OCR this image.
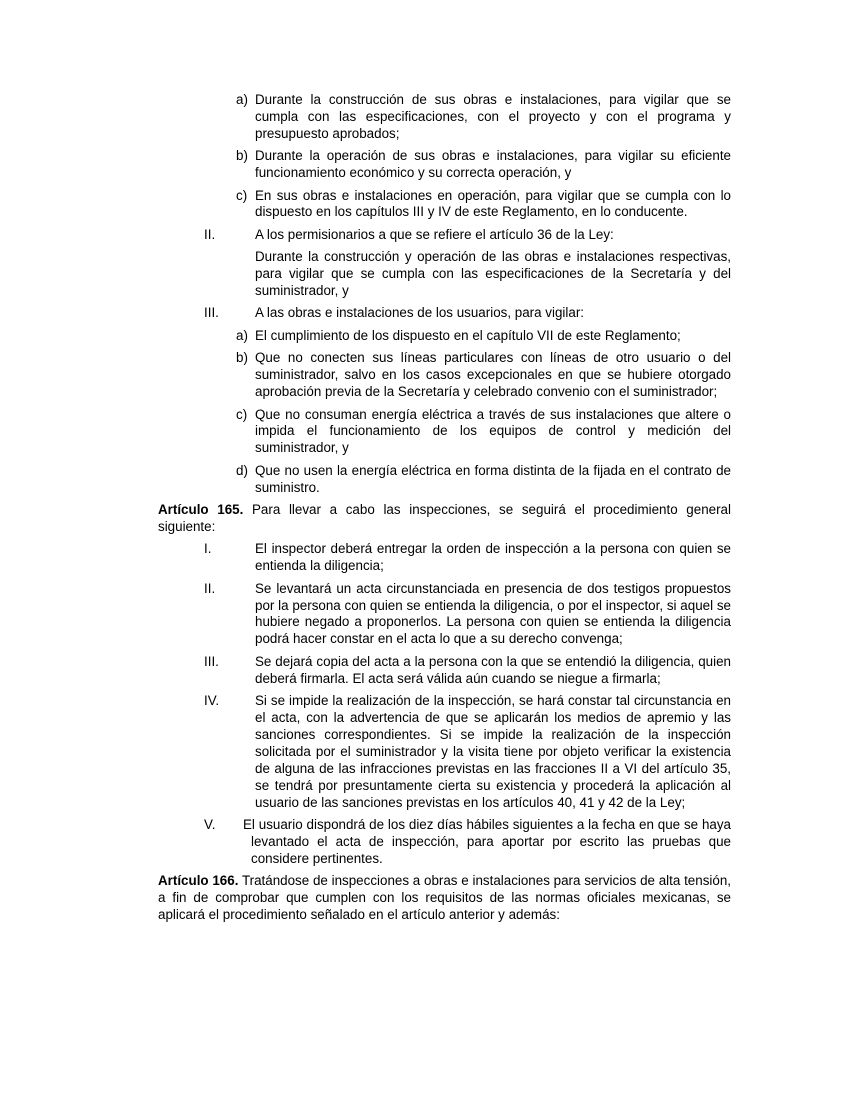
a) Durante la construcción de sus obras e instalaciones, para vigilar que se cumpla con las especificaciones, con el proyecto y con el programa y presupuesto aprobados;
b) Durante la operación de sus obras e instalaciones, para vigilar su eficiente funcionamiento económico y su correcta operación, y
c) En sus obras e instalaciones en operación, para vigilar que se cumpla con lo dispuesto en los capítulos III y IV de este Reglamento, en lo conducente.
II.	A los permisionarios a que se refiere el artículo 36 de la Ley:
Durante la construcción y operación de las obras e instalaciones respectivas, para vigilar que se cumpla con las especificaciones de la Secretaría y del suministrador, y
III.	A las obras e instalaciones de los usuarios, para vigilar:
a) El cumplimiento de los dispuesto en el capítulo VII de este Reglamento;
b) Que no conecten sus líneas particulares con líneas de otro usuario o del suministrador, salvo en los casos excepcionales en que se hubiere otorgado aprobación previa de la Secretaría y celebrado convenio con el suministrador;
c) Que no consuman energía eléctrica a través de sus instalaciones que altere o impida el funcionamiento de los equipos de control y medición del suministrador, y
d) Que no usen la energía eléctrica en forma distinta de la fijada en el contrato de suministro.

Artículo 165. Para llevar a cabo las inspecciones, se seguirá el procedimiento general siguiente:

I.	El inspector deberá entregar la orden de inspección a la persona con quien se entienda la diligencia;
II.	Se levantará un acta circunstanciada en presencia de dos testigos propuestos por la persona con quien se entienda la diligencia, o por el inspector, si aquel se hubiere negado a proponerlos. La persona con quien se entienda la diligencia podrá hacer constar en el acta lo que a su derecho convenga;
III.	Se dejará copia del acta a la persona con la que se entendió la diligencia, quien deberá firmarla. El acta será válida aún cuando se niegue a firmarla;
IV.	Si se impide la realización de la inspección, se hará constar tal circunstancia en el acta, con la advertencia de que se aplicarán los medios de apremio y las sanciones correspondientes. Si se impide la realización de la inspección solicitada por el suministrador y la visita tiene por objeto verificar la existencia de alguna de las infracciones previstas en las fracciones II a VI del artículo 35, se tendrá por presuntamente cierta su existencia y procederá la aplicación al usuario de las sanciones previstas en los artículos 40, 41 y 42 de la Ley;
V. El usuario dispondrá de los diez días hábiles siguientes a la fecha en que se haya levantado el acta de inspección, para aportar por escrito las pruebas que considere pertinentes.

Artículo 166. Tratándose de inspecciones a obras e instalaciones para servicios de alta tensión, a fin de comprobar que cumplen con los requisitos de las normas oficiales mexicanas, se aplicará el procedimiento señalado en el artículo anterior y además:
